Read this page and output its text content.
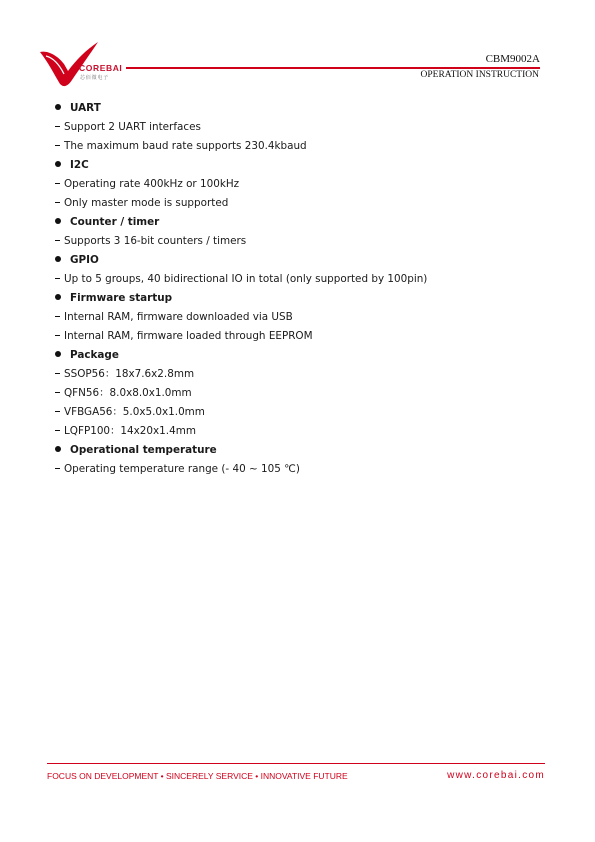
COREBAI
芯佰微电子
CBM9002A
OPERATION INSTRUCTION
UART
Support 2 UART interfaces
The maximum baud rate supports 230.4kbaud
I2C
Operating rate 400kHz or 100kHz
Only master mode is supported
Counter / timer
Supports 3 16-bit counters / timers
GPIO
Up to 5 groups, 40 bidirectional IO in total (only supported by 100pin)
Firmware startup
Internal RAM, firmware downloaded via USB
Internal RAM, firmware loaded through EEPROM
Package
SSOP56：18x7.6x2.8mm
QFN56：8.0x8.0x1.0mm
VFBGA56：5.0x5.0x1.0mm
LQFP100：14x20x1.4mm
Operational temperature
Operating temperature range (- 40 ~ 105 ℃)
FOCUS ON DEVELOPMENT • SINCERELY SERVICE • INNOVATIVE FUTURE	www.corebai.com
